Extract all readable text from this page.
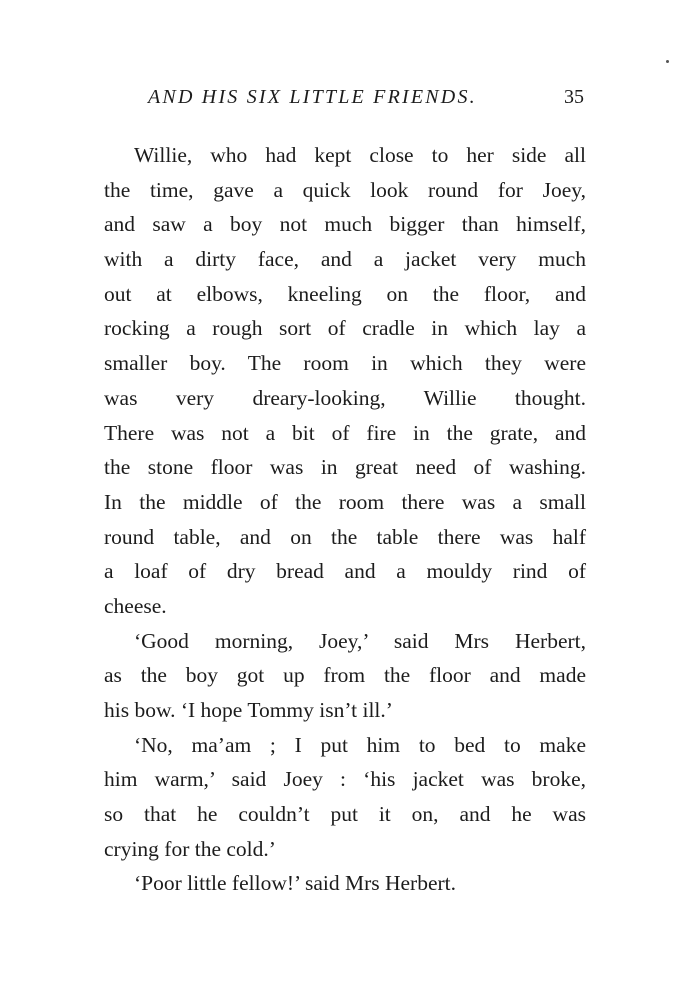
AND HIS SIX LITTLE FRIENDS.	35
Willie, who had kept close to her side all
the time, gave a quick look round for Joey,
and saw a boy not much bigger than himself,
with a dirty face, and a jacket very much
out at elbows, kneeling on the floor, and
rocking a rough sort of cradle in which lay a
smaller boy. The room in which they were
was very dreary-looking, Willie thought.
There was not a bit of fire in the grate, and
the stone floor was in great need of washing.
In the middle of the room there was a small
round table, and on the table there was half
a loaf of dry bread and a mouldy rind of
cheese.
‘Good morning, Joey,’ said Mrs Herbert,
as the boy got up from the floor and made
his bow. ‘I hope Tommy isn’t ill.’
‘No, ma’am ; I put him to bed to make
him warm,’ said Joey : ‘his jacket was broke,
so that he couldn’t put it on, and he was
crying for the cold.’
‘Poor little fellow!’ said Mrs Herbert.
